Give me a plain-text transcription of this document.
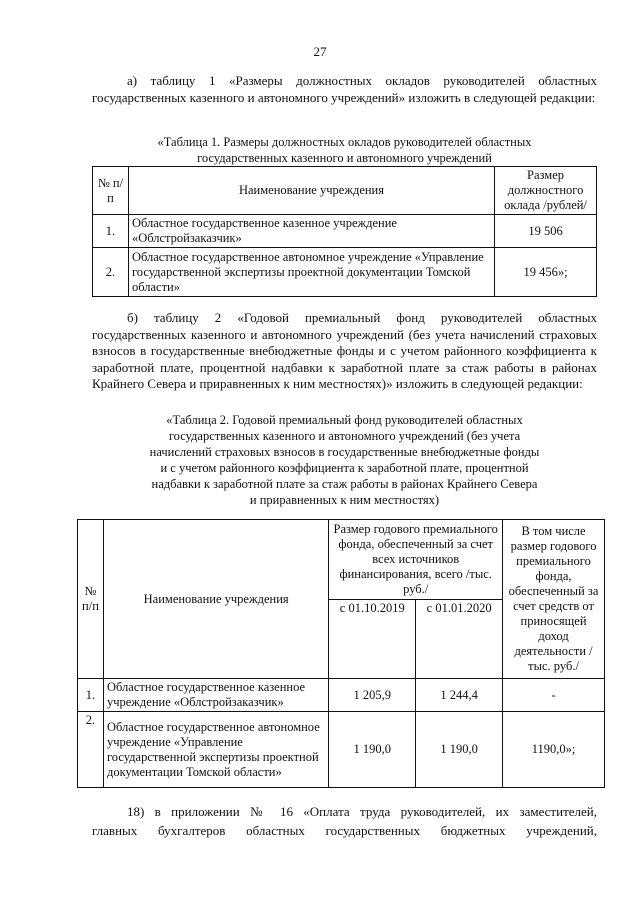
27

а) таблицу 1 «Размеры должностных окладов руководителей областных государственных казенного и автономного учреждений» изложить в следующей редакции:

«Таблица 1. Размеры должностных окладов руководителей областных
государственных казенного и автономного учреждений
№ п/п	Наименование учреждения	Размер должностного оклада /рублей/
1.	Областное государственное казенное учреждение «Облстройзаказчик»	19 506
2.	Областное государственное автономное учреждение «Управление государственной экспертизы проектной документации Томской области»	19 456»;

б) таблицу 2 «Годовой премиальный фонд руководителей областных государственных казенного и автономного учреждений (без учета начислений страховых взносов в государственные внебюджетные фонды и с учетом районного коэффициента к заработной плате, процентной надбавки к заработной плате за стаж работы в районах Крайнего Севера и приравненных к ним местностях)» изложить в следующей редакции:

«Таблица 2. Годовой премиальный фонд руководителей областных
государственных казенного и автономного учреждений (без учета
начислений страховых взносов в государственные внебюджетные фонды
и с учетом районного коэффициента к заработной плате, процентной
надбавки к заработной плате за стаж работы в районах Крайнего Севера
и приравненных к ним местностях)
№ п/п	Наименование учреждения	Размер годового премиального фонда, обеспеченный за счет всех источников финансирования, всего /тыс. руб./		В том числе размер годового премиального фонда, обеспеченный за счет средств от приносящей доход деятельности /тыс. руб./
		с 01.10.2019	с 01.01.2020	
1.	Областное государственное казенное учреждение «Облстройзаказчик»	1 205,9	1 244,4	-
2.	Областное государственное автономное учреждение «Управление государственной экспертизы проектной документации Томской области»	1 190,0	1 190,0	1190,0»;

18) в приложении № 16 «Оплата труда руководителей, их заместителей,

главных бухгалтеров областных государственных бюджетных учреждений,
